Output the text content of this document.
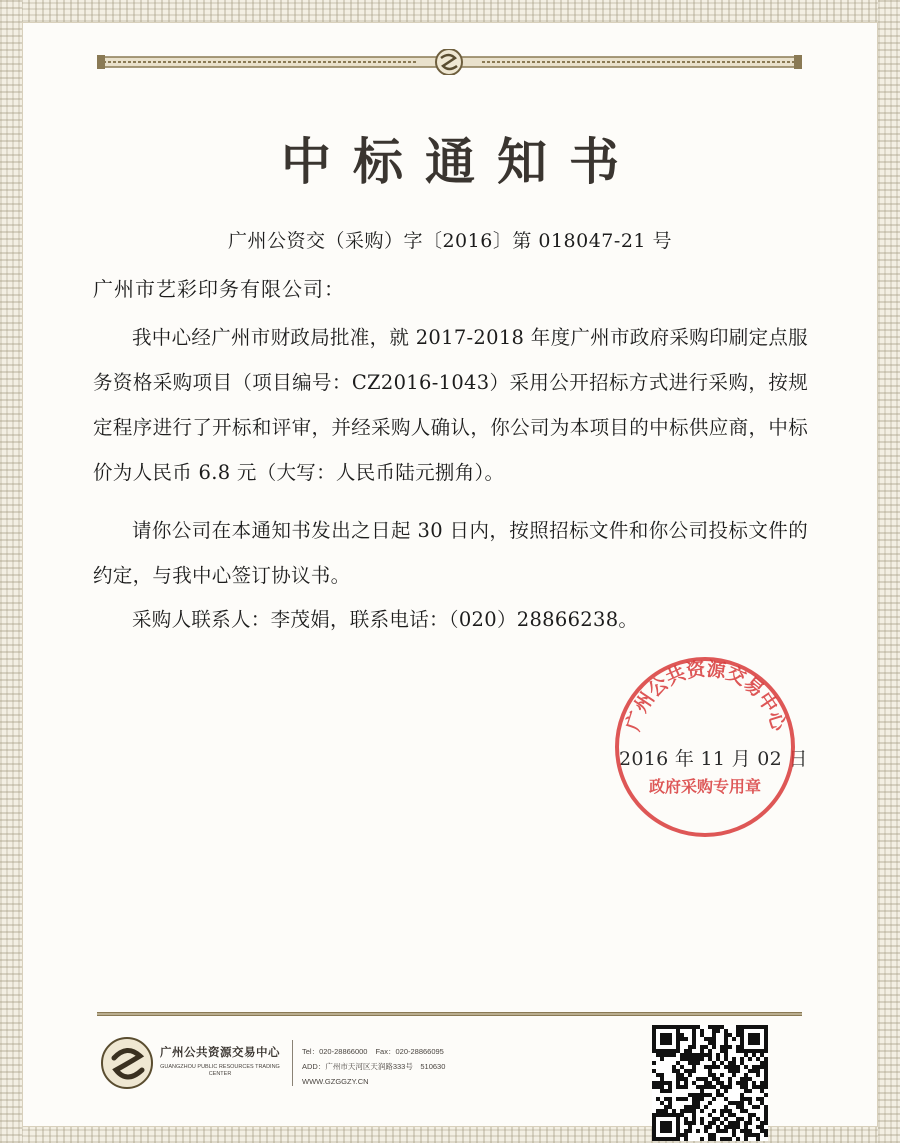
中标通知书
广州公资交（采购）字〔2016〕第 018047-21 号
广州市艺彩印务有限公司：
我中心经广州市财政局批准，就 2017-2018 年度广州市政府采购印刷定点服务资格采购项目（项目编号：CZ2016-1043）采用公开招标方式进行采购，按规定程序进行了开标和评审，并经采购人确认，你公司为本项目的中标供应商，中标价为人民币 6.8 元（大写：人民币陆元捌角）。
请你公司在本通知书发出之日起 30 日内，按照招标文件和你公司投标文件的约定，与我中心签订协议书。
采购人联系人：李茂娟，联系电话：（020）28866238。
2016 年 11 月 02 日
广州公共资源交易中心
政府采购专用章
广州公共资源交易中心
GUANGZHOU PUBLIC RESOURCES TRADING CENTER
Tel：020-28866000 Fax：020-28866095
ADD：广州市天河区天润路333号　510630
WWW.GZGGZY.CN
